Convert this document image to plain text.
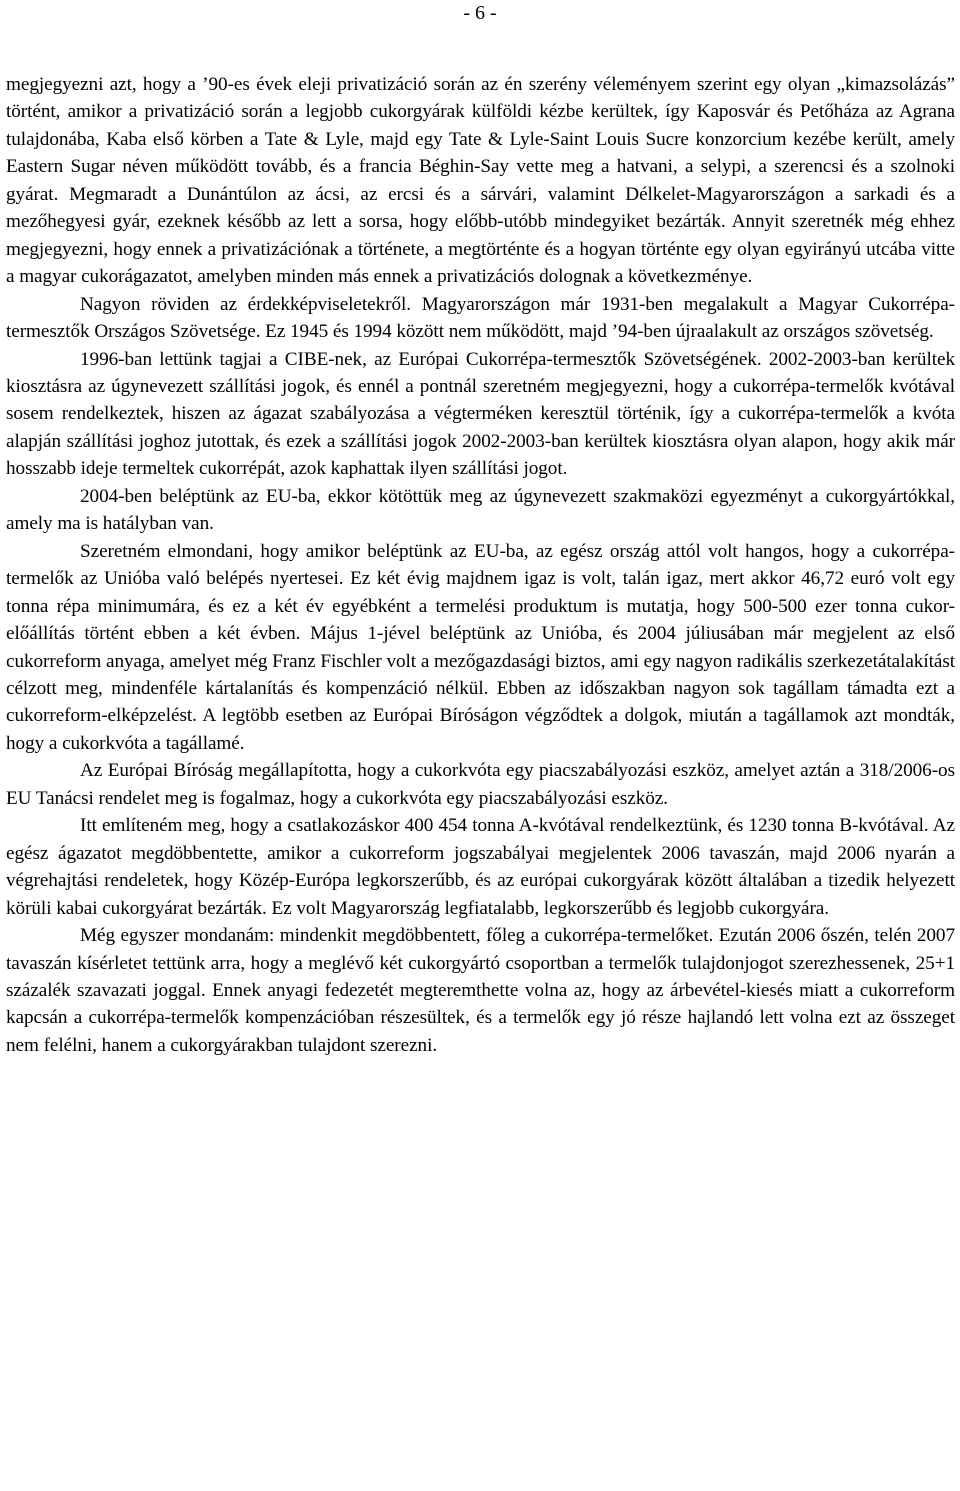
- 6 -

megjegyezni azt, hogy a ’90-es évek eleji privatizáció során az én szerény véleményem szerint egy olyan „kimazsolázás” történt, amikor a privatizáció során a legjobb cukorgyárak külföldi kézbe kerültek, így Kaposvár és Petőháza az Agrana tulajdonába, Kaba első körben a Tate & Lyle, majd egy Tate & Lyle-Saint Louis Sucre konzorcium kezébe került, amely Eastern Sugar néven működött tovább, és a francia Béghin-Say vette meg a hatvani, a selypi, a szerencsi és a szolnoki gyárat. Megmaradt a Dunántúlon az ácsi, az ercsi és a sárvári, valamint Délkelet-Magyarországon a sarkadi és a mezőhegyesi gyár, ezeknek később az lett a sorsa, hogy előbb-utóbb mindegyiket bezárták. Annyit szeretnék még ehhez megjegyezni, hogy ennek a privatizációnak a története, a megtörténte és a hogyan történte egy olyan egyirányú utcába vitte a magyar cukorágazatot, amelyben minden más ennek a privatizációs dolognak a következménye.

Nagyon röviden az érdekképviseletekről. Magyarországon már 1931-ben megalakult a Magyar Cukorrépa-termesztők Országos Szövetsége. Ez 1945 és 1994 között nem működött, majd ’94-ben újraalakult az országos szövetség.

1996-ban lettünk tagjai a CIBE-nek, az Európai Cukorrépa-termesztők Szövetségének. 2002-2003-ban kerültek kiosztásra az úgynevezett szállítási jogok, és ennél a pontnál szeretném megjegyezni, hogy a cukorrépa-termelők kvótával sosem rendelkeztek, hiszen az ágazat szabályozása a végterméken keresztül történik, így a cukorrépa-termelők a kvóta alapján szállítási joghoz jutottak, és ezek a szállítási jogok 2002-2003-ban kerültek kiosztásra olyan alapon, hogy akik már hosszabb ideje termeltek cukorrépát, azok kaphattak ilyen szállítási jogot.

2004-ben beléptünk az EU-ba, ekkor kötöttük meg az úgynevezett szakmaközi egyezményt a cukorgyártókkal, amely ma is hatályban van.

Szeretném elmondani, hogy amikor beléptünk az EU-ba, az egész ország attól volt hangos, hogy a cukorrépa-termelők az Unióba való belépés nyertesei. Ez két évig majdnem igaz is volt, talán igaz, mert akkor 46,72 euró volt egy tonna répa minimumára, és ez a két év egyébként a termelési produktum is mutatja, hogy 500-500 ezer tonna cukor-előállítás történt ebben a két évben. Május 1-jével beléptünk az Unióba, és 2004 júliusában már megjelent az első cukorreform anyaga, amelyet még Franz Fischler volt a mezőgazdasági biztos, ami egy nagyon radikális szerkezetátalakítást célzott meg, mindenféle kártalanítás és kompenzáció nélkül. Ebben az időszakban nagyon sok tagállam támadta ezt a cukorreform-elképzelést. A legtöbb esetben az Európai Bíróságon végződtek a dolgok, miután a tagállamok azt mondták, hogy a cukorkvóta a tagállamé.

Az Európai Bíróság megállapította, hogy a cukorkvóta egy piacszabályozási eszköz, amelyet aztán a 318/2006-os EU Tanácsi rendelet meg is fogalmaz, hogy a cukorkvóta egy piacszabályozási eszköz.

Itt említeném meg, hogy a csatlakozáskor 400 454 tonna A-kvótával rendelkeztünk, és 1230 tonna B-kvótával. Az egész ágazatot megdöbbentette, amikor a cukorreform jogszabályai megjelentek 2006 tavaszán, majd 2006 nyarán a végrehajtási rendeletek, hogy Közép-Európa legkorszerűbb, és az európai cukorgyárak között általában a tizedik helyezett körüli kabai cukorgyárat bezárták. Ez volt Magyarország legfiatalabb, legkorszerűbb és legjobb cukorgyára.

Még egyszer mondanám: mindenkit megdöbbentett, főleg a cukorrépa-termelőket. Ezután 2006 őszén, telén 2007 tavaszán kísérletet tettünk arra, hogy a meglévő két cukorgyártó csoportban a termelők tulajdonjogot szerezhessenek, 25+1 százalék szavazati joggal. Ennek anyagi fedezetét megteremthette volna az, hogy az árbevétel-kiesés miatt a cukorreform kapcsán a cukorrépa-termelők kompenzációban részesültek, és a termelők egy jó része hajlandó lett volna ezt az összeget nem felélni, hanem a cukorgyárakban tulajdont szerezni.
